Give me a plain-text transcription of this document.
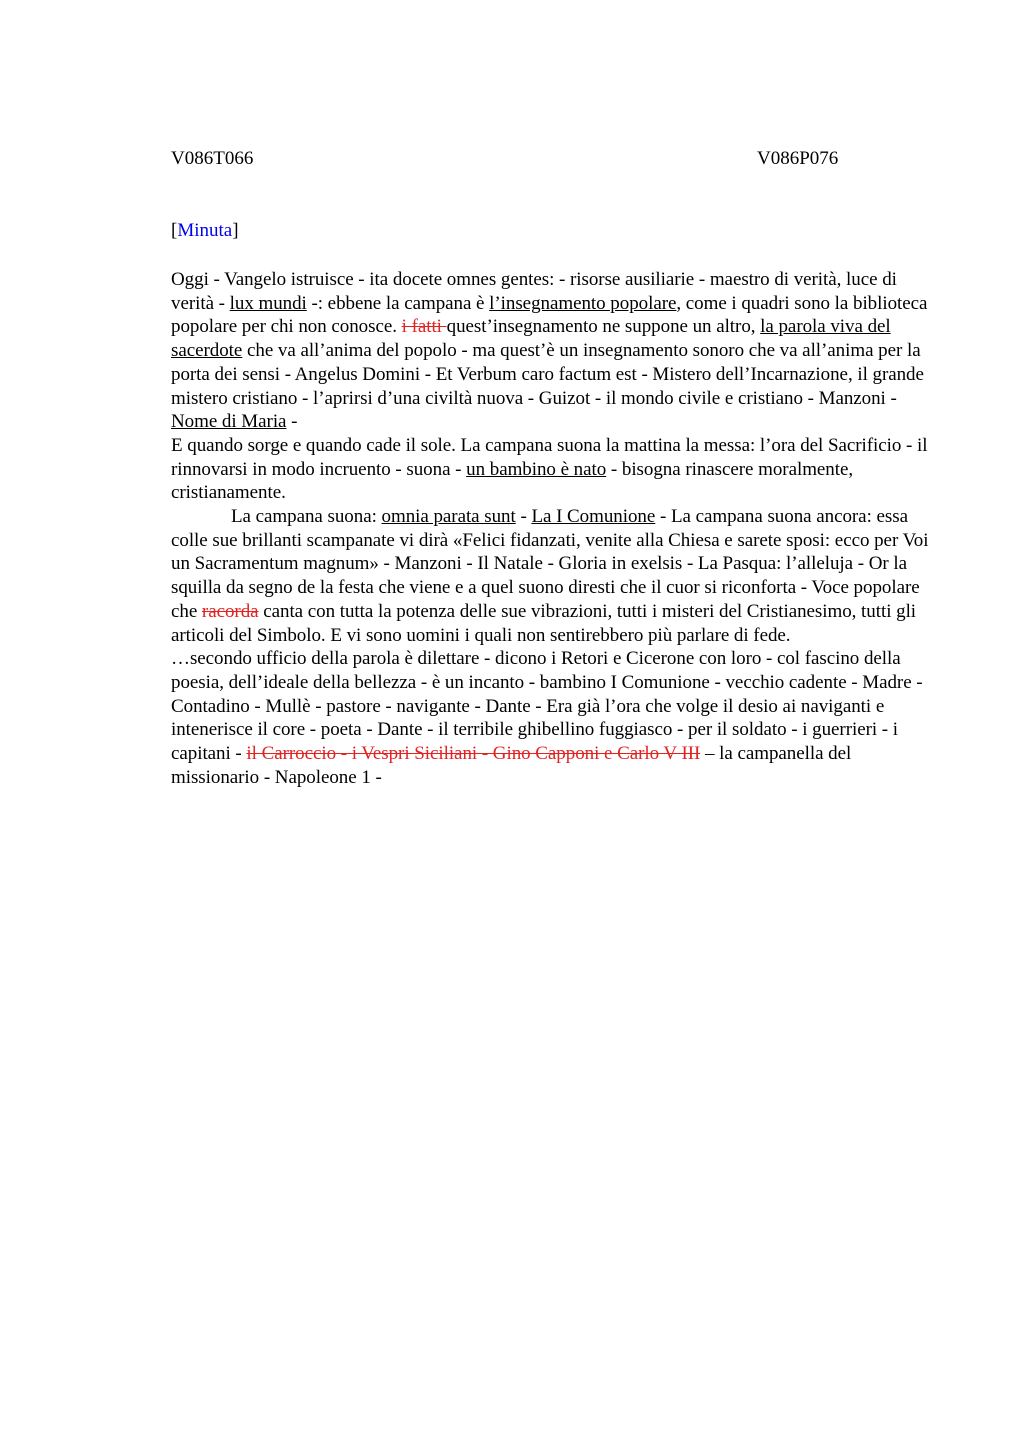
V086T066	V086P076
[Minuta]

Oggi - Vangelo istruisce - ita docete omnes gentes: - risorse ausiliarie - maestro di verità, luce di verità - lux mundi -: ebbene la campana è l’insegnamento popolare, come i quadri sono la biblioteca popolare per chi non conosce. i fatti quest’insegnamento ne suppone un altro, la parola viva del sacerdote che va all’anima del popolo - ma quest’è un insegnamento sonoro che va all’anima per la porta dei sensi - Angelus Domini - Et Verbum caro factum est - Mistero dell’Incarnazione, il grande mistero cristiano - l’aprirsi d’una civiltà nuova - Guizot - il mondo civile e cristiano - Manzoni - Nome di Maria -
E quando sorge e quando cade il sole. La campana suona la mattina la messa: l’ora del Sacrificio - il rinnovarsi in modo incruento - suona - un bambino è nato - bisogna rinascere moralmente, cristianamente.

La campana suona: omnia parata sunt - La I Comunione - La campana suona ancora: essa colle sue brillanti scampanate vi dirà «Felici fidanzati, venite alla Chiesa e sarete sposi: ecco per Voi un Sacramentum magnum» - Manzoni - Il Natale - Gloria in exelsis - La Pasqua: l’alleluja - Or la squilla da segno de la festa che viene e a quel suono diresti che il cuor si riconforta - Voce popolare che racorda canta con tutta la potenza delle sue vibrazioni, tutti i misteri del Cristianesimo, tutti gli articoli del Simbolo. E vi sono uomini i quali non sentirebbero più parlare di fede.

…secondo ufficio della parola è dilettare - dicono i Retori e Cicerone con loro - col fascino della poesia, dell’ideale della bellezza - è un incanto - bambino I Comunione - vecchio cadente - Madre - Contadino - Mullè - pastore - navigante - Dante - Era già l’ora che volge il desio ai naviganti e intenerisce il core - poeta - Dante - il terribile ghibellino fuggiasco - per il soldato - i guerrieri - i capitani - il Carroccio - i Vespri Siciliani - Gino Capponi e Carlo V III – la campanella del missionario - Napoleone 1 -
